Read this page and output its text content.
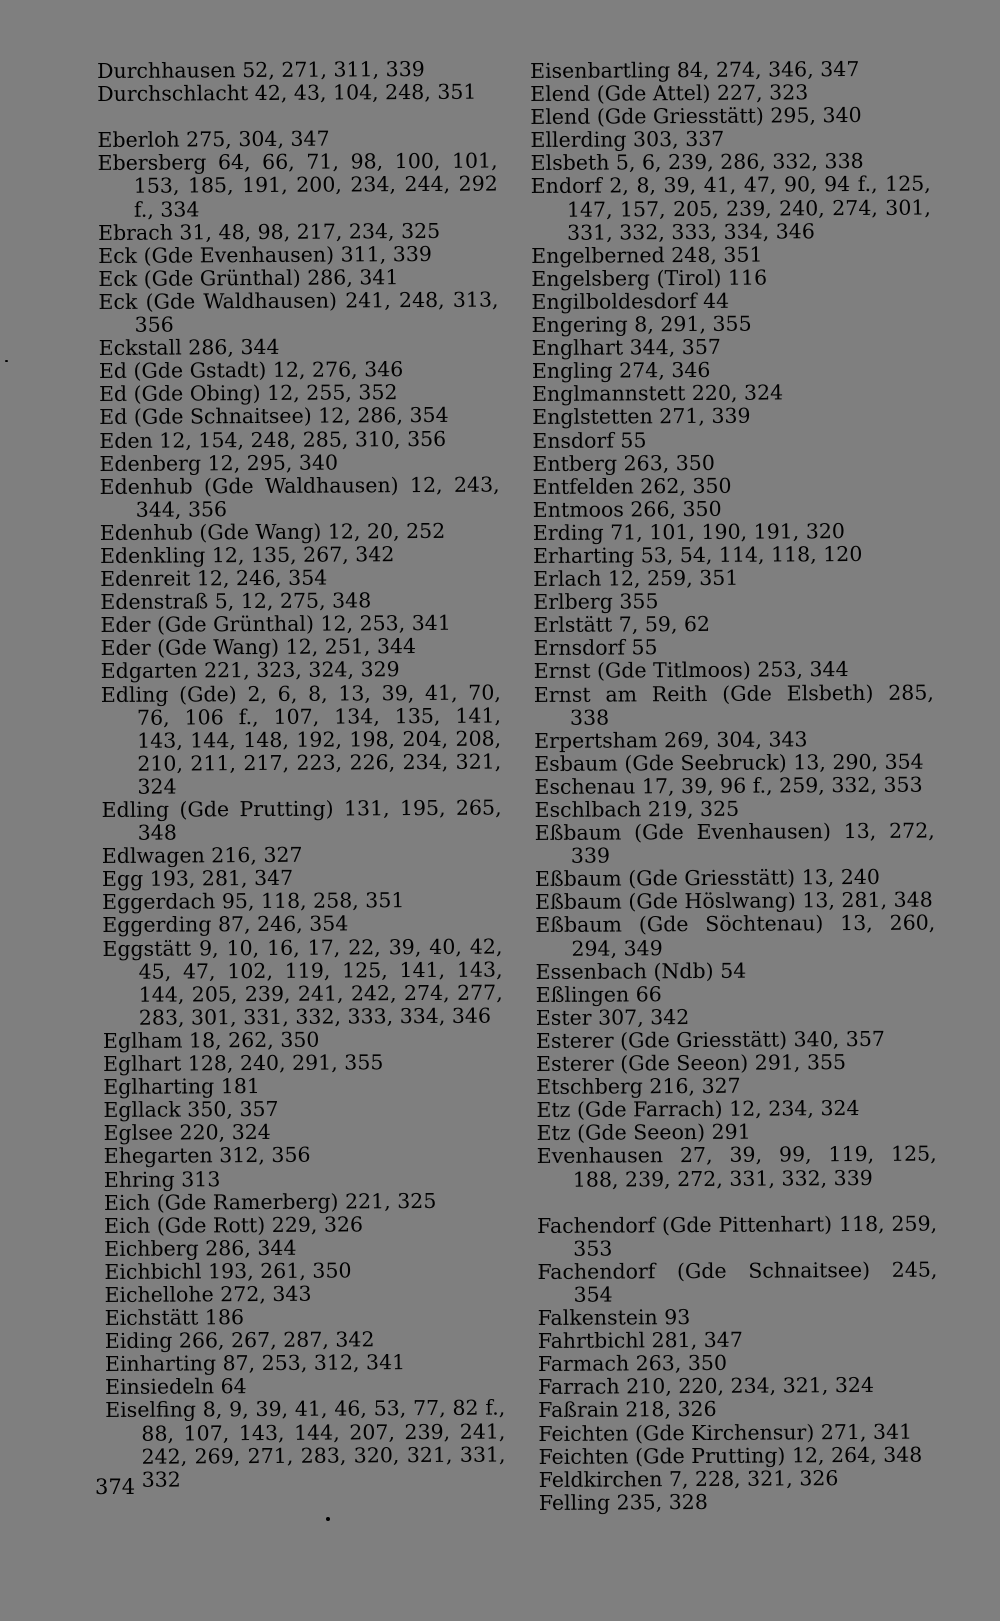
Durchhausen 52, 271, 311, 339
Durchschlacht 42, 43, 104, 248, 351
Eberloh 275, 304, 347
Ebersberg 64, 66, 71, 98, 100, 101, 153, 185, 191, 200, 234, 244, 292 f., 334
Ebrach 31, 48, 98, 217, 234, 325
Eck (Gde Evenhausen) 311, 339
Eck (Gde Grünthal) 286, 341
Eck (Gde Waldhausen) 241, 248, 313, 356
Eckstall 286, 344
Ed (Gde Gstadt) 12, 276, 346
Ed (Gde Obing) 12, 255, 352
Ed (Gde Schnaitsee) 12, 286, 354
Eden 12, 154, 248, 285, 310, 356
Edenberg 12, 295, 340
Edenhub (Gde Waldhausen) 12, 243, 344, 356
Edenhub (Gde Wang) 12, 20, 252
Edenkling 12, 135, 267, 342
Edenreit 12, 246, 354
Edenstraß 5, 12, 275, 348
Eder (Gde Grünthal) 12, 253, 341
Eder (Gde Wang) 12, 251, 344
Edgarten 221, 323, 324, 329
Edling (Gde) 2, 6, 8, 13, 39, 41, 70, 76, 106 f., 107, 134, 135, 141, 143, 144, 148, 192, 198, 204, 208, 210, 211, 217, 223, 226, 234, 321, 324
Edling (Gde Prutting) 131, 195, 265, 348
Edlwagen 216, 327
Egg 193, 281, 347
Eggerdach 95, 118, 258, 351
Eggerding 87, 246, 354
Eggstätt 9, 10, 16, 17, 22, 39, 40, 42, 45, 47, 102, 119, 125, 141, 143, 144, 205, 239, 241, 242, 274, 277, 283, 301, 331, 332, 333, 334, 346
Eglham 18, 262, 350
Eglhart 128, 240, 291, 355
Eglharting 181
Egllack 350, 357
Eglsee 220, 324
Ehegarten 312, 356
Ehring 313
Eich (Gde Ramerberg) 221, 325
Eich (Gde Rott) 229, 326
Eichberg 286, 344
Eichbichl 193, 261, 350
Eichellohe 272, 343
Eichstätt 186
Eiding 266, 267, 287, 342
Einharting 87, 253, 312, 341
Einsiedeln 64
Eiselfing 8, 9, 39, 41, 46, 53, 77, 82 f., 88, 107, 143, 144, 207, 239, 241, 242, 269, 271, 283, 320, 321, 331, 332
Eisenbartling 84, 274, 346, 347
Elend (Gde Attel) 227, 323
Elend (Gde Griesstätt) 295, 340
Ellerding 303, 337
Elsbeth 5, 6, 239, 286, 332, 338
Endorf 2, 8, 39, 41, 47, 90, 94 f., 125, 147, 157, 205, 239, 240, 274, 301, 331, 332, 333, 334, 346
Engelberned 248, 351
Engelsberg (Tirol) 116
Engilboldesdorf 44
Engering 8, 291, 355
Englhart 344, 357
Engling 274, 346
Englmannstett 220, 324
Englstetten 271, 339
Ensdorf 55
Entberg 263, 350
Entfelden 262, 350
Entmoos 266, 350
Erding 71, 101, 190, 191, 320
Erharting 53, 54, 114, 118, 120
Erlach 12, 259, 351
Erlberg 355
Erlstätt 7, 59, 62
Ernsdorf 55
Ernst (Gde Titlmoos) 253, 344
Ernst am Reith (Gde Elsbeth) 285, 338
Erpertsham 269, 304, 343
Esbaum (Gde Seebruck) 13, 290, 354
Eschenau 17, 39, 96 f., 259, 332, 353
Eschlbach 219, 325
Eßbaum (Gde Evenhausen) 13, 272, 339
Eßbaum (Gde Griesstätt) 13, 240
Eßbaum (Gde Höslwang) 13, 281, 348
Eßbaum (Gde Söchtenau) 13, 260, 294, 349
Essenbach (Ndb) 54
Eßlingen 66
Ester 307, 342
Esterer (Gde Griesstätt) 340, 357
Esterer (Gde Seeon) 291, 355
Etschberg 216, 327
Etz (Gde Farrach) 12, 234, 324
Etz (Gde Seeon) 291
Evenhausen 27, 39, 99, 119, 125, 188, 239, 272, 331, 332, 339
Fachendorf (Gde Pittenhart) 118, 259, 353
Fachendorf (Gde Schnaitsee) 245, 354
Falkenstein 93
Fahrtbichl 281, 347
Farmach 263, 350
Farrach 210, 220, 234, 321, 324
Faßrain 218, 326
Feichten (Gde Kirchensur) 271, 341
Feichten (Gde Prutting) 12, 264, 348
Feldkirchen 7, 228, 321, 326
Felling 235, 328
374
